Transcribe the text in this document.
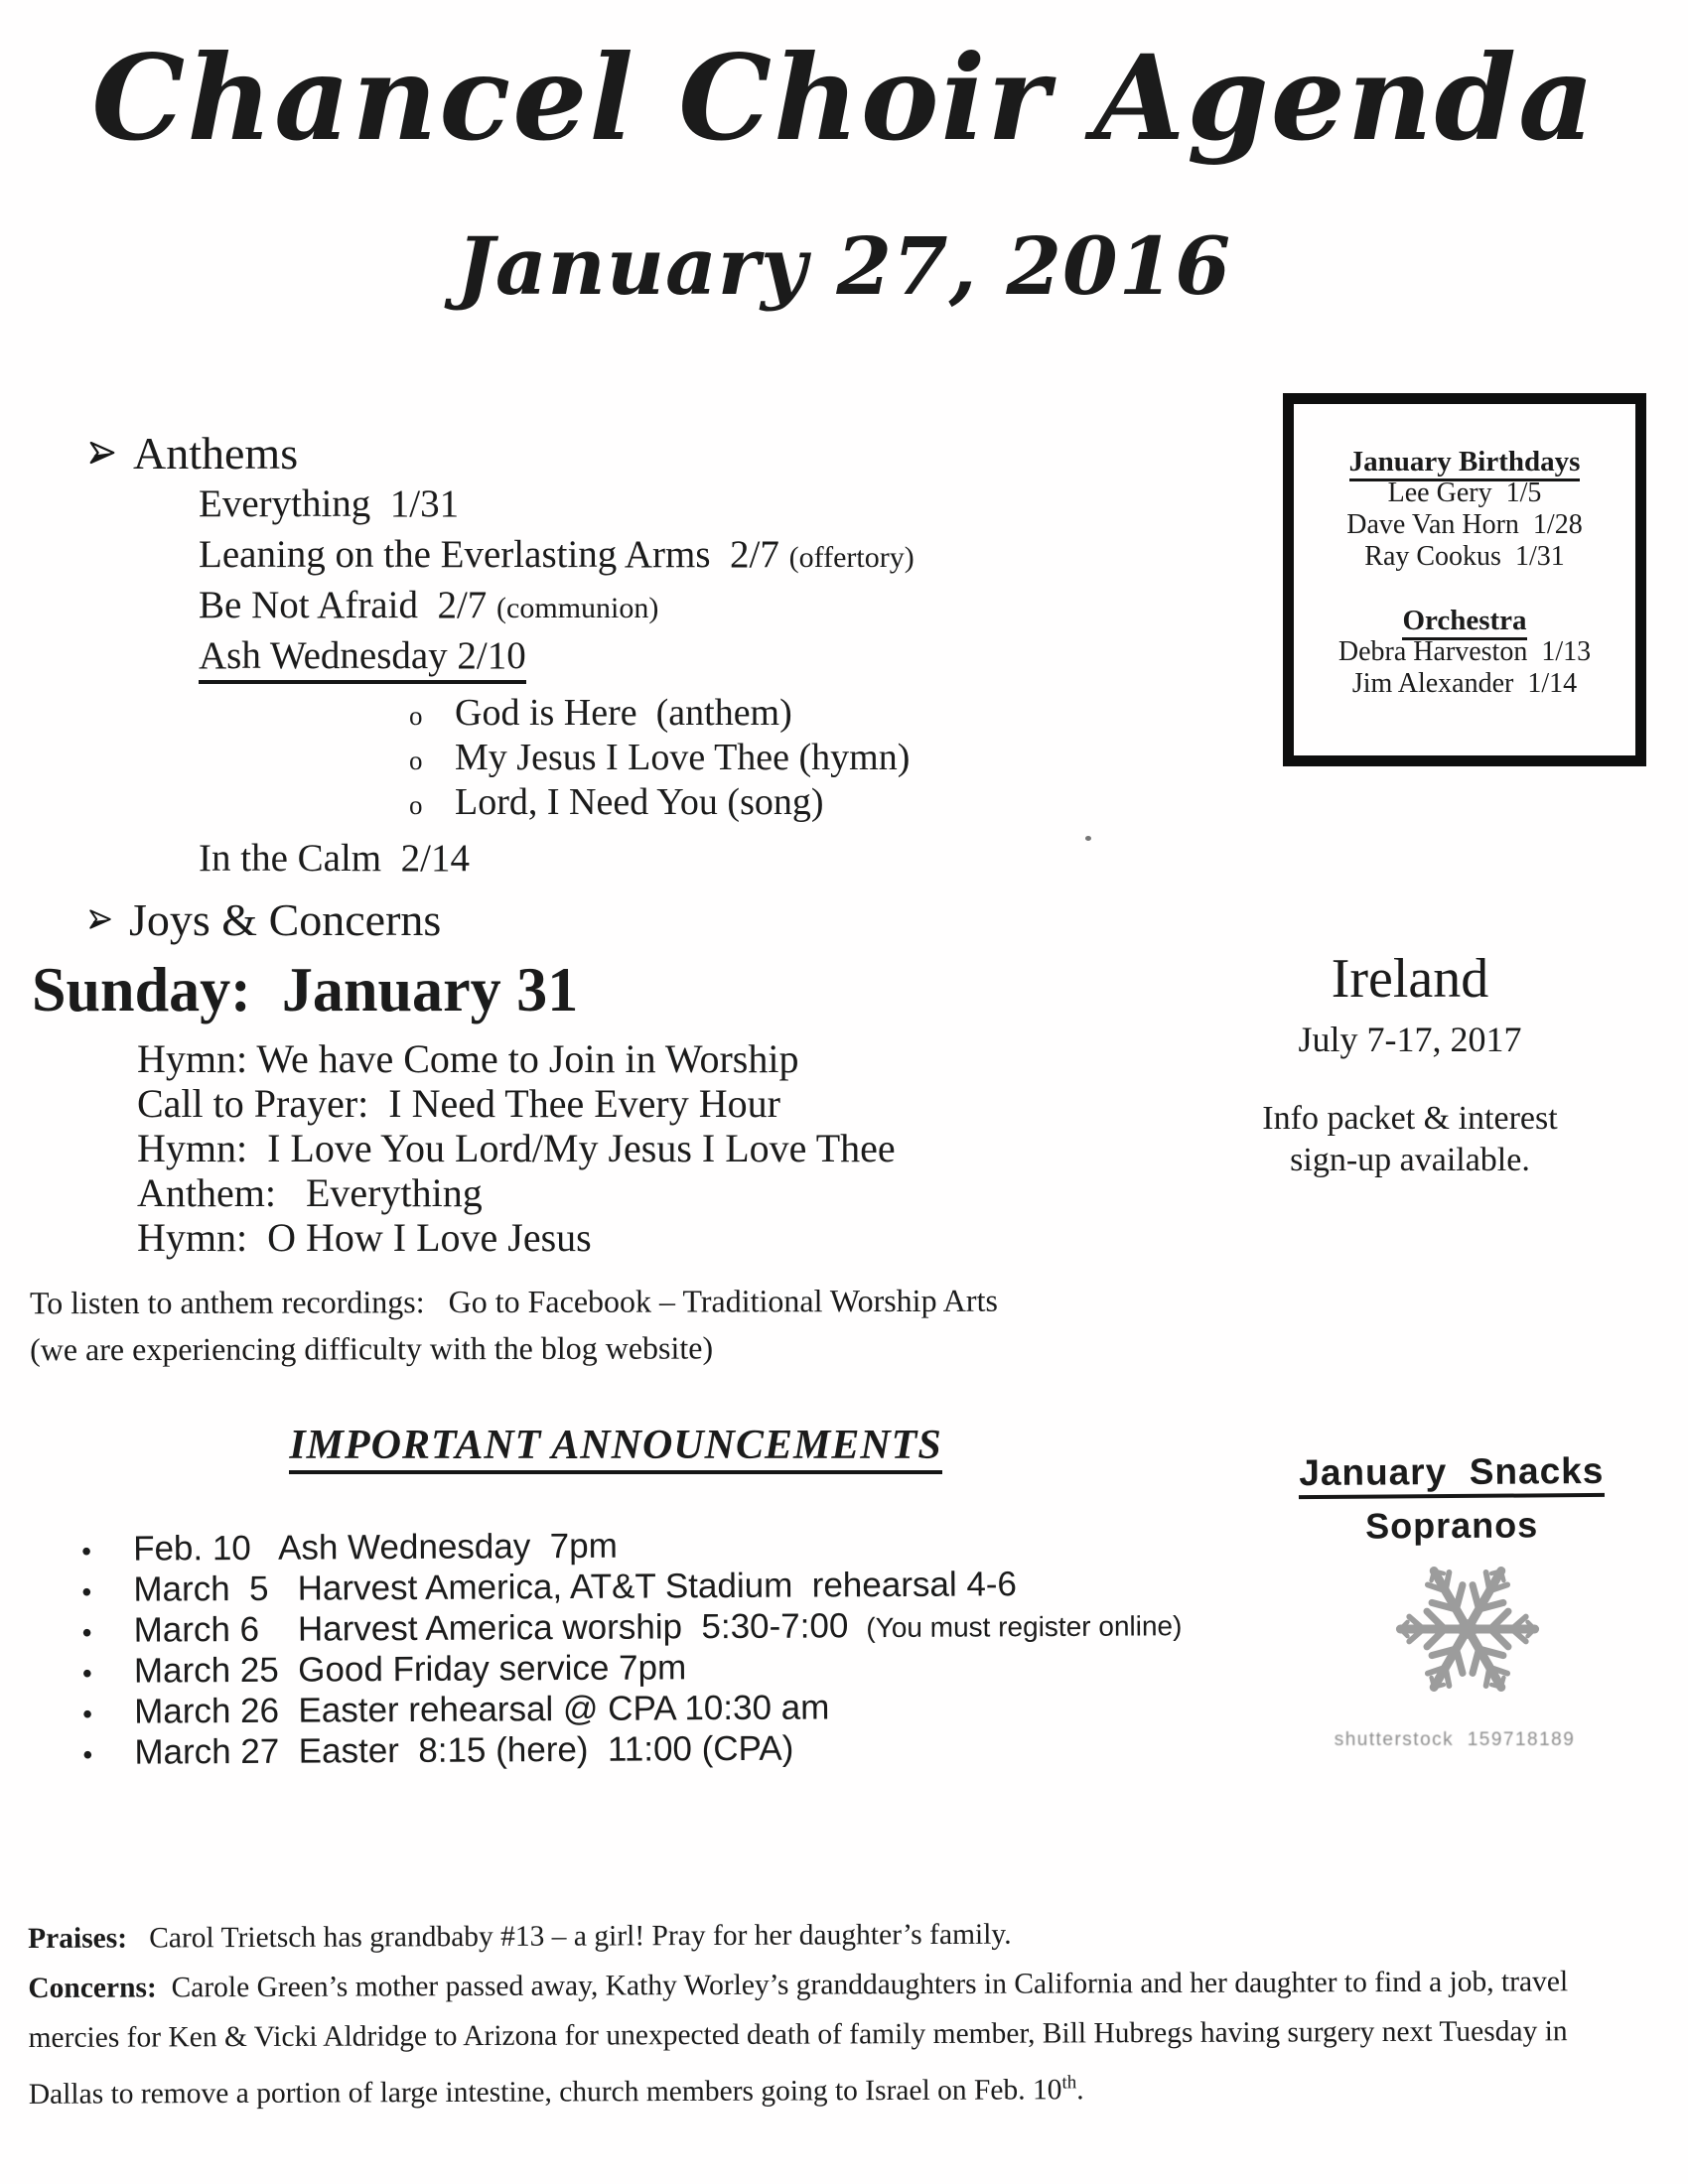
Chancel Choir Agenda
January 27, 2016
Anthems
Everything  1/31
Leaning on the Everlasting Arms  2/7 (offertory)
Be Not Afraid  2/7 (communion)
Ash Wednesday 2/10
o God is Here  (anthem)
o My Jesus I Love Thee (hymn)
o Lord, I Need You (song)
In the Calm  2/14
Joys & Concerns
January Birthdays
Lee Gery  1/5
Dave Van Horn  1/28
Ray Cookus  1/31
Orchestra
Debra Harveston  1/13
Jim Alexander  1/14
Sunday:  January 31
Hymn: We have Come to Join in Worship
Call to Prayer:  I Need Thee Every Hour
Hymn:  I Love You Lord/My Jesus I Love Thee
Anthem:   Everything
Hymn:  O How I Love Jesus
Ireland
July 7-17, 2017
Info packet & interest
sign-up available.
To listen to anthem recordings:   Go to Facebook – Traditional Worship Arts
(we are experiencing difficulty with the blog website)
IMPORTANT ANNOUNCEMENTS
•	Feb. 10   Ash Wednesday  7pm
•	March  5   Harvest America, AT&T Stadium  rehearsal 4-6
•	March 6    Harvest America worship  5:30-7:00 (You must register online)
•	March 25  Good Friday service 7pm
•	March 26  Easter rehearsal @ CPA 10:30 am
•	March 27  Easter  8:15 (here)  11:00 (CPA)
January  Snacks
Sopranos
shutterstock  159718189
Praises:   Carol Trietsch has grandbaby #13 – a girl! Pray for her daughter’s family.
Concerns:  Carole Green’s mother passed away, Kathy Worley’s granddaughters in California and her daughter to find a job, travel mercies for Ken & Vicki Aldridge to Arizona for unexpected death of family member, Bill Hubregs having surgery next Tuesday in Dallas to remove a portion of large intestine, church members going to Israel on Feb. 10th.
